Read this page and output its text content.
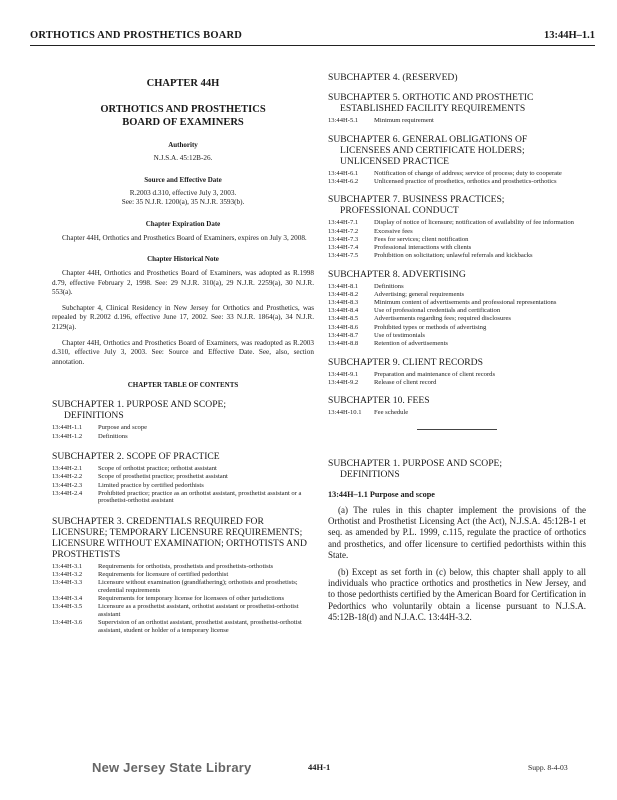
ORTHOTICS AND PROSTHETICS BOARD	13:44H–1.1
CHAPTER 44H
ORTHOTICS AND PROSTHETICS
BOARD OF EXAMINERS
Authority
N.J.S.A. 45:12B-26.
Source and Effective Date
R.2003 d.310, effective July 3, 2003.
See: 35 N.J.R. 1200(a), 35 N.J.R. 3593(b).
Chapter Expiration Date
Chapter 44H, Orthotics and Prosthetics Board of Examiners, expires on July 3, 2008.
Chapter Historical Note
Chapter 44H, Orthotics and Prosthetics Board of Examiners, was adopted as R.1998 d.79, effective February 2, 1998. See: 29 N.J.R. 310(a), 29 N.J.R. 2259(a), 30 N.J.R. 553(a).
Subchapter 4, Clinical Residency in New Jersey for Orthotics and Prosthetics, was repealed by R.2002 d.196, effective June 17, 2002. See: 33 N.J.R. 1864(a), 34 N.J.R. 2129(a).
Chapter 44H, Orthotics and Prosthetics Board of Examiners, was readopted as R.2003 d.310, effective July 3, 2003. See: Source and Effective Date. See, also, section annotation.
CHAPTER TABLE OF CONTENTS
SUBCHAPTER 1. PURPOSE AND SCOPE;
DEFINITIONS
13:44H-1.1	Purpose and scope
13:44H-1.2	Definitions
SUBCHAPTER 2. SCOPE OF PRACTICE
13:44H-2.1	Scope of orthotist practice; orthotist assistant
13:44H-2.2	Scope of prosthetist practice; prosthetist assistant
13:44H-2.3	Limited practice by certified pedorthists
13:44H-2.4	Prohibited practice; practice as an orthotist assistant, prosthetist assistant or a prosthetist-orthotist assistant
SUBCHAPTER 3. CREDENTIALS REQUIRED FOR LICENSURE; TEMPORARY LICENSURE REQUIREMENTS; LICENSURE WITHOUT EXAMINATION; ORTHOTISTS AND PROSTHETISTS
13:44H-3.1	Requirements for orthotists, prosthetists and prosthetists-orthotists
13:44H-3.2	Requirements for licensure of certified pedorthist
13:44H-3.3	Licensure without examination (grandfathering); orthotists and prosthetists; credential requirements
13:44H-3.4	Requirements for temporary license for licensees of other jurisdictions
13:44H-3.5	Licensure as a prosthetist assistant, orthotist assistant or prosthetist-orthotist assistant
13:44H-3.6	Supervision of an orthotist assistant, prosthetist assistant, prosthetist-orthotist assistant, student or holder of a temporary license
SUBCHAPTER 4. (RESERVED)
SUBCHAPTER 5. ORTHOTIC AND PROSTHETIC
ESTABLISHED FACILITY REQUIREMENTS
13:44H-5.1	Minimum requirement
SUBCHAPTER 6. GENERAL OBLIGATIONS OF
LICENSEES AND CERTIFICATE HOLDERS; UNLICENSED PRACTICE
13:44H-6.1	Notification of change of address; service of process; duty to cooperate
13:44H-6.2	Unlicensed practice of prosthetics, orthotics and prosthetics-orthotics
SUBCHAPTER 7. BUSINESS PRACTICES;
PROFESSIONAL CONDUCT
13:44H-7.1	Display of notice of licensure; notification of availability of fee information
13:44H-7.2	Excessive fees
13:44H-7.3	Fees for services; client notification
13:44H-7.4	Professional interactions with clients
13:44H-7.5	Prohibition on solicitation; unlawful referrals and kickbacks
SUBCHAPTER 8. ADVERTISING
13:44H-8.1	Definitions
13:44H-8.2	Advertising; general requirements
13:44H-8.3	Minimum content of advertisements and professional representations
13:44H-8.4	Use of professional credentials and certification
13:44H-8.5	Advertisements regarding fees; required disclosures
13:44H-8.6	Prohibited types or methods of advertising
13:44H-8.7	Use of testimonials
13:44H-8.8	Retention of advertisements
SUBCHAPTER 9. CLIENT RECORDS
13:44H-9.1	Preparation and maintenance of client records
13:44H-9.2	Release of client record
SUBCHAPTER 10. FEES
13:44H-10.1	Fee schedule
SUBCHAPTER 1. PURPOSE AND SCOPE;
DEFINITIONS
13:44H–1.1 Purpose and scope
(a) The rules in this chapter implement the provisions of the Orthotist and Prosthetist Licensing Act (the Act), N.J.S.A. 45:12B-1 et seq. as amended by P.L. 1999, c.115, regulate the practice of orthotics and prosthetics, and offer licensure to certified pedorthists within this State.
(b) Except as set forth in (c) below, this chapter shall apply to all individuals who practice orthotics and prosthetics in New Jersey, and to those pedorthists certified by the American Board for Certification in Pedorthics who voluntarily obtain a license pursuant to N.J.S.A. 45:12B-18(d) and N.J.A.C. 13:44H-3.2.
New Jersey State Library	44H-1	Supp. 8-4-03
